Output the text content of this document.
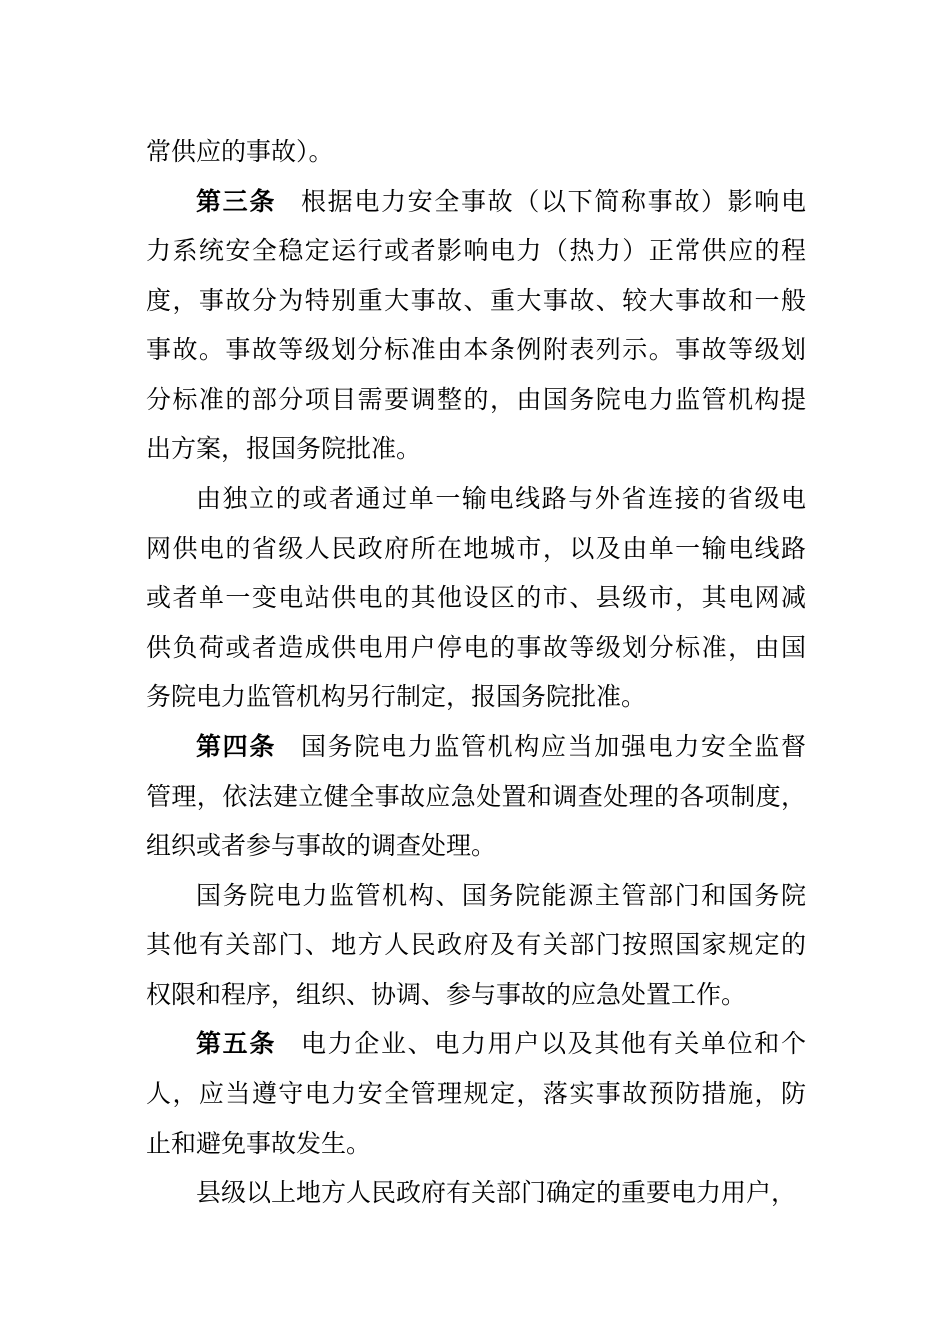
常供应的事故）。
第三条 根据电力安全事故（以下简称事故）影响电
力系统安全稳定运行或者影响电力（热力）正常供应的程
度，事故分为特别重大事故、重大事故、较大事故和一般
事故。事故等级划分标准由本条例附表列示。事故等级划
分标准的部分项目需要调整的，由国务院电力监管机构提
出方案，报国务院批准。
由独立的或者通过单一输电线路与外省连接的省级电
网供电的省级人民政府所在地城市，以及由单一输电线路
或者单一变电站供电的其他设区的市、县级市，其电网减
供负荷或者造成供电用户停电的事故等级划分标准，由国
务院电力监管机构另行制定，报国务院批准。
第四条 国务院电力监管机构应当加强电力安全监督
管理，依法建立健全事故应急处置和调查处理的各项制度，
组织或者参与事故的调查处理。
国务院电力监管机构、国务院能源主管部门和国务院
其他有关部门、地方人民政府及有关部门按照国家规定的
权限和程序，组织、协调、参与事故的应急处置工作。
第五条 电力企业、电力用户以及其他有关单位和个
人，应当遵守电力安全管理规定，落实事故预防措施，防
止和避免事故发生。
县级以上地方人民政府有关部门确定的重要电力用户，
